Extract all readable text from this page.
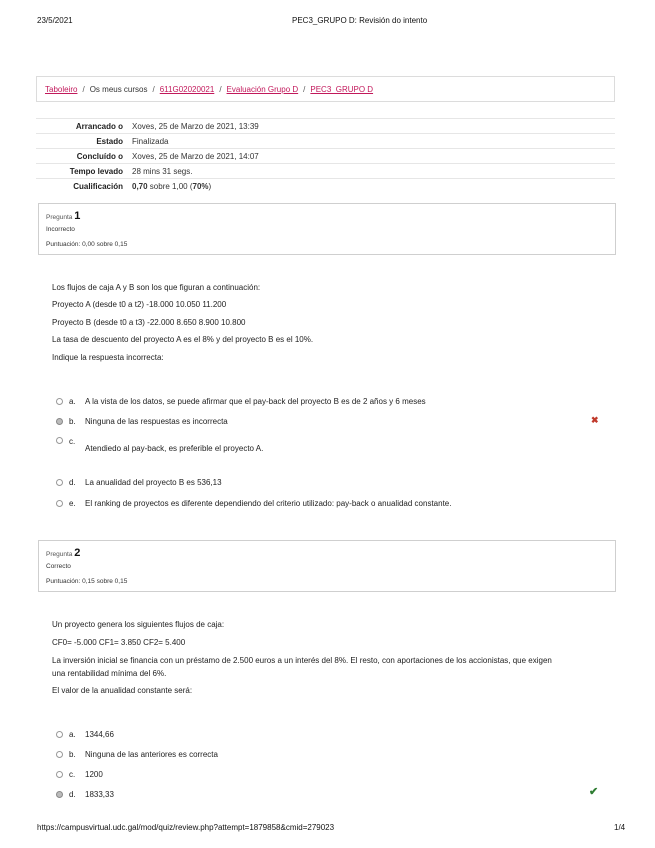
23/5/2021	PEC3_GRUPO D: Revisión do intento
Taboleiro / Os meus cursos / 611G02020021 / Evaluación Grupo D / PEC3_GRUPO D
Arrancado o Xoves, 25 de Marzo de 2021, 13:39
Estado Finalizada
Concluído o Xoves, 25 de Marzo de 2021, 14:07
Tempo levado 28 mins 31 segs.
Cualificación 0,70 sobre 1,00 (70%)
Pregunta 1
Incorrecto
Puntuación: 0,00 sobre 0,15
Los flujos de caja A y B son los que figuran a continuación:
Proyecto A (desde t0 a t2) -18.000 10.050 11.200
Proyecto B (desde t0 a t3) -22.000 8.650 8.900 10.800
La tasa de descuento del proyecto A es el 8% y del proyecto B es el 10%.
Indique la respuesta incorrecta:
a. A la vista de los datos, se puede afirmar que el pay-back del proyecto B es de 2 años y 6 meses
b. Ninguna de las respuestas es incorrecta	✖
c.Atendiedo al pay-back, es preferible el proyecto A.
d. La anualidad del proyecto B es 536,13
e. El ranking de proyectos es diferente dependiendo del criterio utilizado: pay-back o anualidad constante.
Pregunta 2
Correcto
Puntuación: 0,15 sobre 0,15
Un proyecto genera los siguientes flujos de caja:
CF0= -5.000 CF1= 3.850 CF2= 5.400
La inversión inicial se financia con un préstamo de 2.500 euros a un interés del 8%. El resto, con aportaciones de los accionistas, que exigen
una rentabilidad mínima del 6%.
El valor de la anualidad constante será:
a. 1344,66
b. Ninguna de las anteriores es correcta
c. 1200
d. 1833,33	✔
https://campusvirtual.udc.gal/mod/quiz/review.php?attempt=1879858&cmid=279023	1/4
